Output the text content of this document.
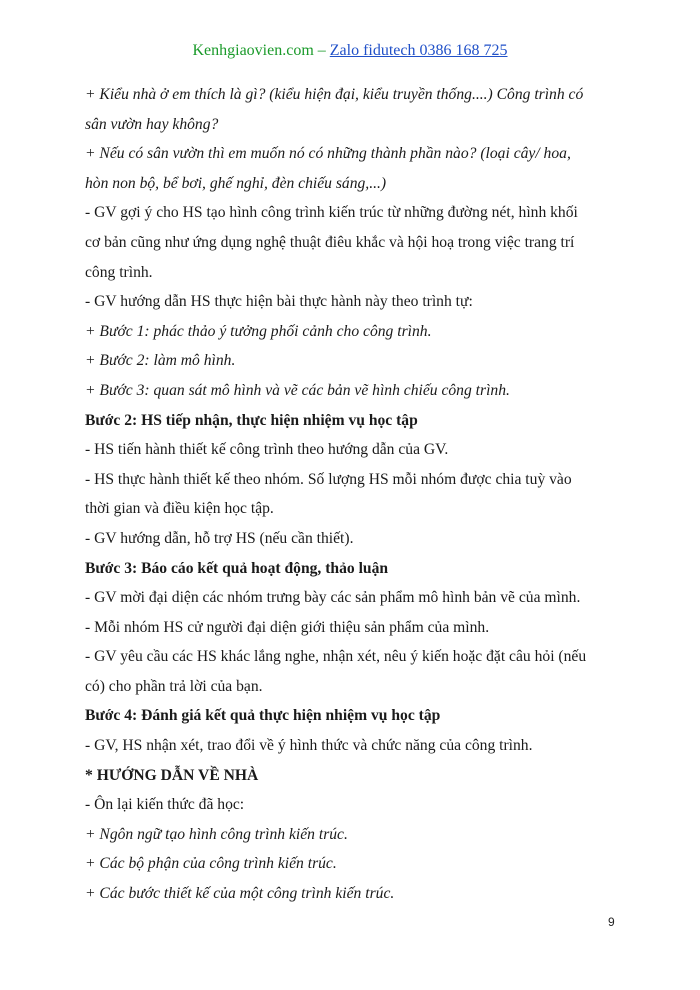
Kenhgiaovien.com – Zalo fidutech 0386 168 725
+ Kiểu nhà ở em thích là gì? (kiểu hiện đại, kiểu truyền thống....) Công trình có
sân vườn hay không?
+ Nếu có sân vườn thì em muốn nó có những thành phần nào? (loại cây/ hoa,
hòn non bộ, bể bơi, ghế nghỉ, đèn chiếu sáng,...)
- GV gợi ý cho HS tạo hình công trình kiến trúc từ những đường nét, hình khối
cơ bản cũng như ứng dụng nghệ thuật điêu khắc và hội hoạ trong việc trang trí
công trình.
- GV hướng dẫn HS thực hiện bài thực hành này theo trình tự:
+ Bước 1: phác thảo ý tưởng phối cảnh cho công trình.
+ Bước 2: làm mô hình.
+ Bước 3: quan sát mô hình và vẽ các bản vẽ hình chiếu công trình.
Bước 2: HS tiếp nhận, thực hiện nhiệm vụ học tập
- HS tiến hành thiết kế công trình theo hướng dẫn của GV.
- HS thực hành thiết kế theo nhóm. Số lượng HS mỗi nhóm được chia tuỳ vào
thời gian và điều kiện học tập.
- GV hướng dẫn, hỗ trợ HS (nếu cần thiết).
Bước 3: Báo cáo kết quả hoạt động, thảo luận
- GV mời đại diện các nhóm trưng bày các sản phẩm mô hình bản vẽ của mình.
- Mỗi nhóm HS cử người đại diện giới thiệu sản phẩm của mình.
- GV yêu cầu các HS khác lắng nghe, nhận xét, nêu ý kiến hoặc đặt câu hỏi (nếu
có) cho phần trả lời của bạn.
Bước 4: Đánh giá kết quả thực hiện nhiệm vụ học tập
- GV, HS nhận xét, trao đổi về ý hình thức và chức năng của công trình.
* HƯỚNG DẪN VỀ NHÀ
- Ôn lại kiến thức đã học:
+ Ngôn ngữ tạo hình công trình kiến trúc.
+ Các bộ phận của công trình kiến trúc.
+ Các bước thiết kế của một công trình kiến trúc.
9
